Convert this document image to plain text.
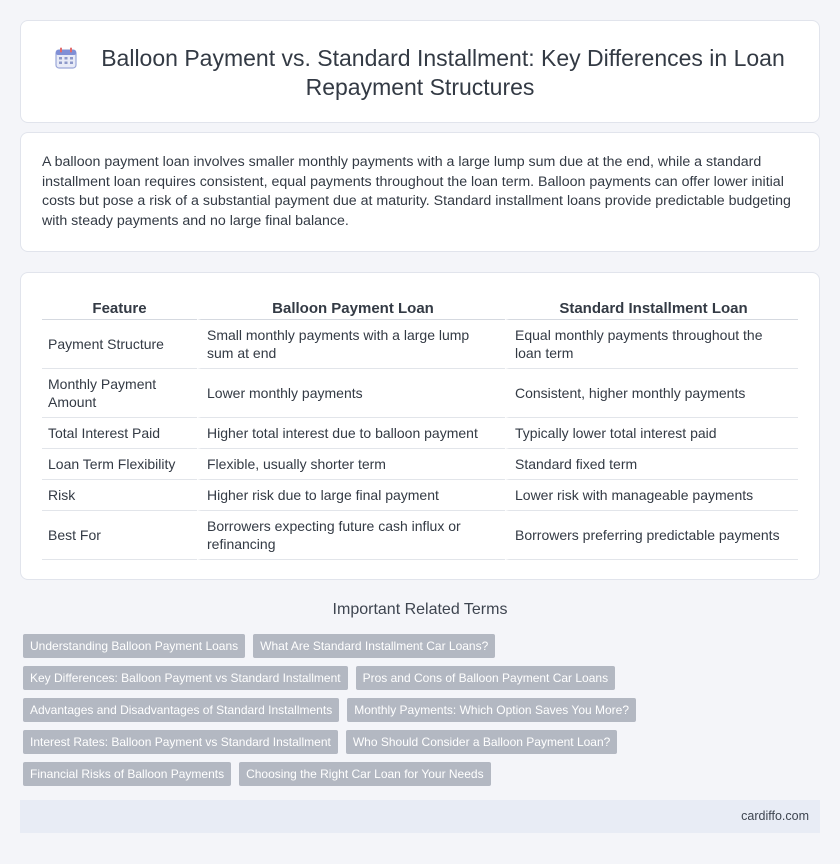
Balloon Payment vs. Standard Installment: Key Differences in Loan Repayment Structures

A balloon payment loan involves smaller monthly payments with a large lump sum due at the end, while a standard installment loan requires consistent, equal payments throughout the loan term. Balloon payments can offer lower initial costs but pose a risk of a substantial payment due at maturity. Standard installment loans provide predictable budgeting with steady payments and no large final balance.

Feature	Balloon Payment Loan	Standard Installment Loan
Payment Structure	Small monthly payments with a large lump sum at end	Equal monthly payments throughout the loan term
Monthly Payment Amount	Lower monthly payments	Consistent, higher monthly payments
Total Interest Paid	Higher total interest due to balloon payment	Typically lower total interest paid
Loan Term Flexibility	Flexible, usually shorter term	Standard fixed term
Risk	Higher risk due to large final payment	Lower risk with manageable payments
Best For	Borrowers expecting future cash influx or refinancing	Borrowers preferring predictable payments
Important Related Terms
Understanding Balloon Payment Loans	What Are Standard Installment Car Loans?
Key Differences: Balloon Payment vs Standard Installment	Pros and Cons of Balloon Payment Car Loans
Advantages and Disadvantages of Standard Installments	Monthly Payments: Which Option Saves You More?
Interest Rates: Balloon Payment vs Standard Installment	Who Should Consider a Balloon Payment Loan?
Financial Risks of Balloon Payments	Choosing the Right Car Loan for Your Needs
cardiffo.com
